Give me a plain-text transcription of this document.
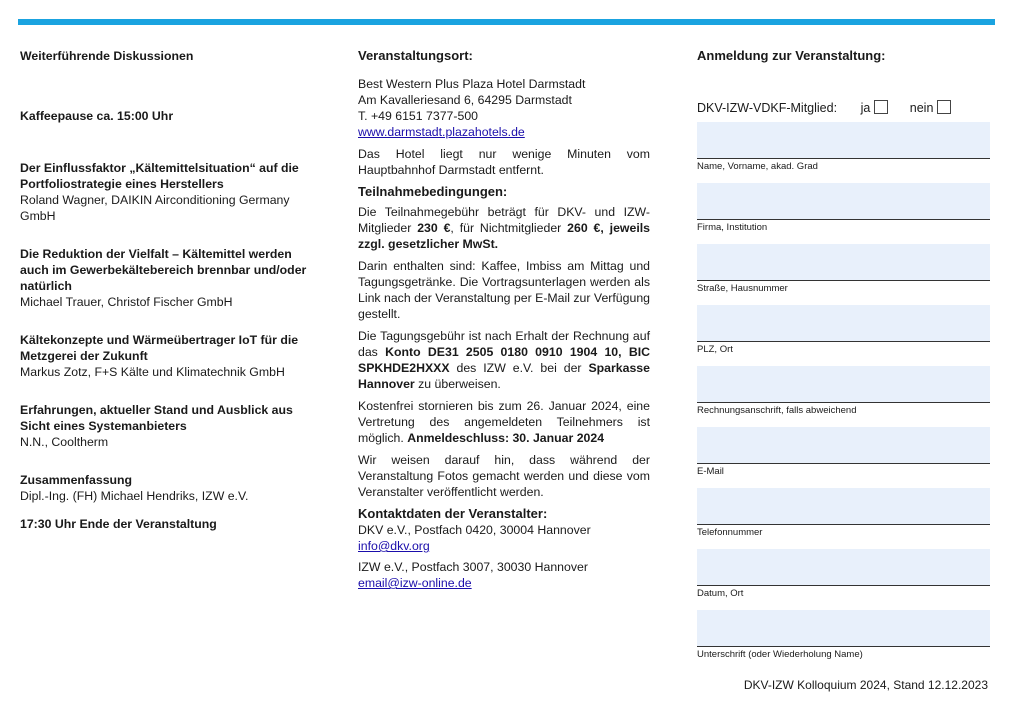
Weiterführende Diskussionen
Kaffeepause ca. 15:00 Uhr
Der Einflussfaktor „Kältemittelsituation“ auf die Portfoliostrategie eines Herstellers
Roland Wagner, DAIKIN Airconditioning Germany GmbH
Die Reduktion der Vielfalt – Kältemittel werden auch im Gewerbekältebereich brennbar und/oder natürlich
Michael Trauer, Christof Fischer GmbH
Kältekonzepte und Wärmeübertrager IoT für die Metzgerei der Zukunft
Markus Zotz, F+S Kälte und Klimatechnik GmbH
Erfahrungen, aktueller Stand und Ausblick aus Sicht eines Systemanbieters
N.N., Cooltherm
Zusammenfassung
Dipl.-Ing. (FH) Michael Hendriks, IZW e.V.
17:30 Uhr Ende der Veranstaltung
Veranstaltungsort:

Best Western Plus Plaza Hotel Darmstadt

Am Kavalleriesand 6, 64295 Darmstadt

T. +49 6151 7377-500

www.darmstadt.plazahotels.de

Das Hotel liegt nur wenige Minuten vom Hauptbahnhof Darmstadt entfernt.

Teilnahmebedingungen:

Die Teilnahmegebühr beträgt für DKV- und IZW-Mitglieder 230 €, für Nichtmitglieder 260 €, jeweils zzgl. gesetzlicher MwSt.

Darin enthalten sind: Kaffee, Imbiss am Mittag und Tagungsgetränke. Die Vortragsunterlagen werden als Link nach der Veranstaltung per E-Mail zur Verfügung gestellt.

Die Tagungsgebühr ist nach Erhalt der Rechnung auf das Konto DE31 2505 0180 0910 1904 10, BIC SPKHDE2HXXX des IZW e.V. bei der Sparkasse Hannover zu überweisen.

Kostenfrei stornieren bis zum 26. Januar 2024, eine Vertretung des angemeldeten Teilnehmers ist möglich. Anmeldeschluss: 30. Januar 2024

Wir weisen darauf hin, dass während der Veranstaltung Fotos gemacht werden und diese vom Veranstalter veröffentlicht werden.

Kontaktdaten der Veranstalter:

DKV e.V., Postfach 0420, 30004 Hannover

info@dkv.org

IZW e.V., Postfach 3007, 30030 Hannover

email@izw-online.de

Anmeldung zur Veranstaltung:
DKV-IZW-VDKF-Mitglied: ja	nein
Name, Vorname, akad. Grad
Firma, Institution
Straße, Hausnummer
PLZ, Ort
Rechnungsanschrift, falls abweichend
E-Mail
Telefonnummer
Datum, Ort
Unterschrift (oder Wiederholung Name)
DKV-IZW Kolloquium 2024, Stand 12.12.2023
